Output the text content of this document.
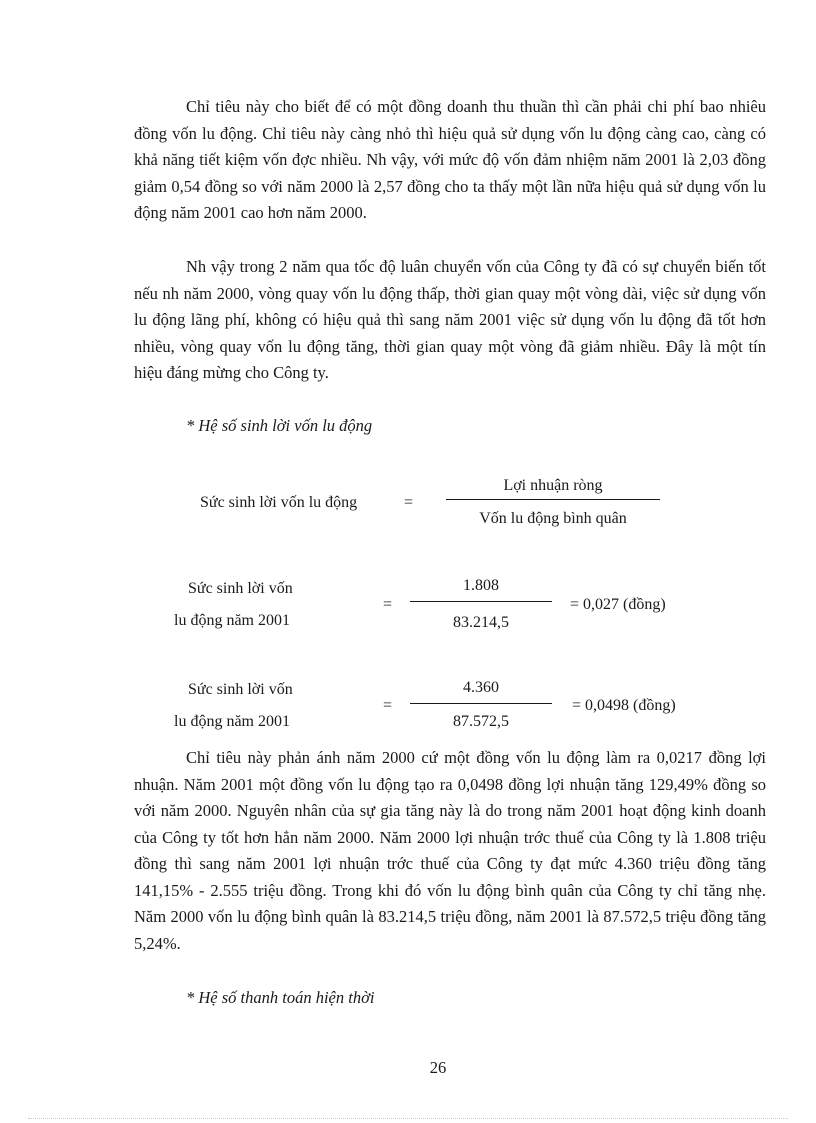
Chỉ tiêu này cho biết để có một đồng doanh thu thuần thì cần phải chi phí bao nhiêu đồng vốn lu động. Chỉ tiêu này càng nhỏ thì hiệu quả sử dụng vốn lu động càng cao, càng có khả năng tiết kiệm vốn đợc nhiều. Nh vậy, với mức độ vốn đảm nhiệm năm 2001 là 2,03 đồng giảm 0,54 đồng so với năm 2000 là 2,57 đồng cho ta thấy một lần nữa hiệu quả sử dụng vốn lu động năm 2001 cao hơn năm 2000.

Nh vậy trong 2 năm qua tốc độ luân chuyển vốn của Công ty đã có sự chuyển biến tốt nếu nh năm 2000, vòng quay vốn lu động thấp, thời gian quay một vòng dài, việc sử dụng vốn lu động lãng phí, không có hiệu quả thì sang năm 2001 việc sử dụng vốn lu động đã tốt hơn nhiều, vòng quay vốn lu động tăng, thời gian quay một vòng đã giảm nhiều. Đây là một tín hiệu đáng mừng cho Công ty.

* Hệ số sinh lời vốn lu động

Sức sinh lời vốn lu động	=
Lợi nhuận ròng
Vốn lu động bình quân
Sức sinh lời vốn
lu động năm 2001
=
1.808
83.214,5
= 0,027 (đồng)
Sức sinh lời vốn
lu động năm 2001
=
4.360
87.572,5
= 0,0498 (đồng)

Chỉ tiêu này phản ánh năm 2000 cứ một đồng vốn lu động làm ra 0,0217 đồng lợi nhuận. Năm 2001 một đồng vốn lu động tạo ra 0,0498 đồng lợi nhuận tăng 129,49% đồng so với năm 2000. Nguyên nhân của sự gia tăng này là do trong năm 2001 hoạt động kinh doanh của Công ty tốt hơn hẳn năm 2000. Năm 2000 lợi nhuận trớc thuế của Công ty là 1.808 triệu đồng thì sang năm 2001 lợi nhuận trớc thuế của Công ty đạt mức 4.360 triệu đồng tăng 141,15% - 2.555 triệu đồng. Trong khi đó vốn lu động bình quân của Công ty chỉ tăng nhẹ. Năm 2000 vốn lu động bình quân là 83.214,5 triệu đồng, năm 2001 là 87.572,5 triệu đồng tăng 5,24%.

* Hệ số thanh toán hiện thời

26
